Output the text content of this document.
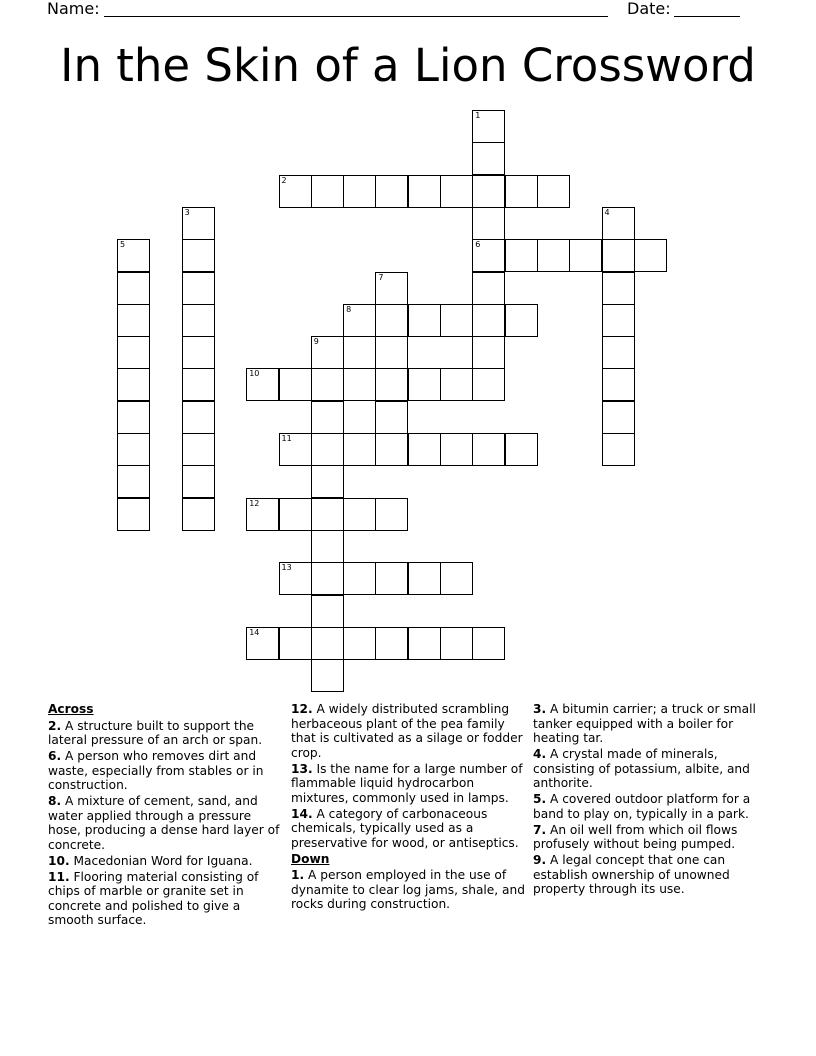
Name:	Date:
In the Skin of a Lion Crossword
2
6
8
10
11
12
13
14
1
3	4
5
7
9
Across
2. A structure built to support the lateral pressure of an arch or span.
6. A person who removes dirt and waste, especially from stables or in construction.
8. A mixture of cement, sand, and water applied through a pressure hose, producing a dense hard layer of concrete.
10. Macedonian Word for Iguana.
11. Flooring material consisting of chips of marble or granite set in concrete and polished to give a smooth surface.
12. A widely distributed scrambling herbaceous plant of the pea family that is cultivated as a silage or fodder crop.
13. Is the name for a large number of flammable liquid hydrocarbon mixtures, commonly used in lamps.
14. A category of carbonaceous chemicals, typically used as a preservative for wood, or antiseptics.
Down
1. A person employed in the use of dynamite to clear log jams, shale, and rocks during construction.
3. A bitumin carrier; a truck or small tanker equipped with a boiler for heating tar.
4. A crystal made of minerals, consisting of potassium, albite, and anthorite.
5. A covered outdoor platform for a band to play on, typically in a park.
7. An oil well from which oil flows profusely without being pumped.
9. A legal concept that one can establish ownership of unowned property through its use.
